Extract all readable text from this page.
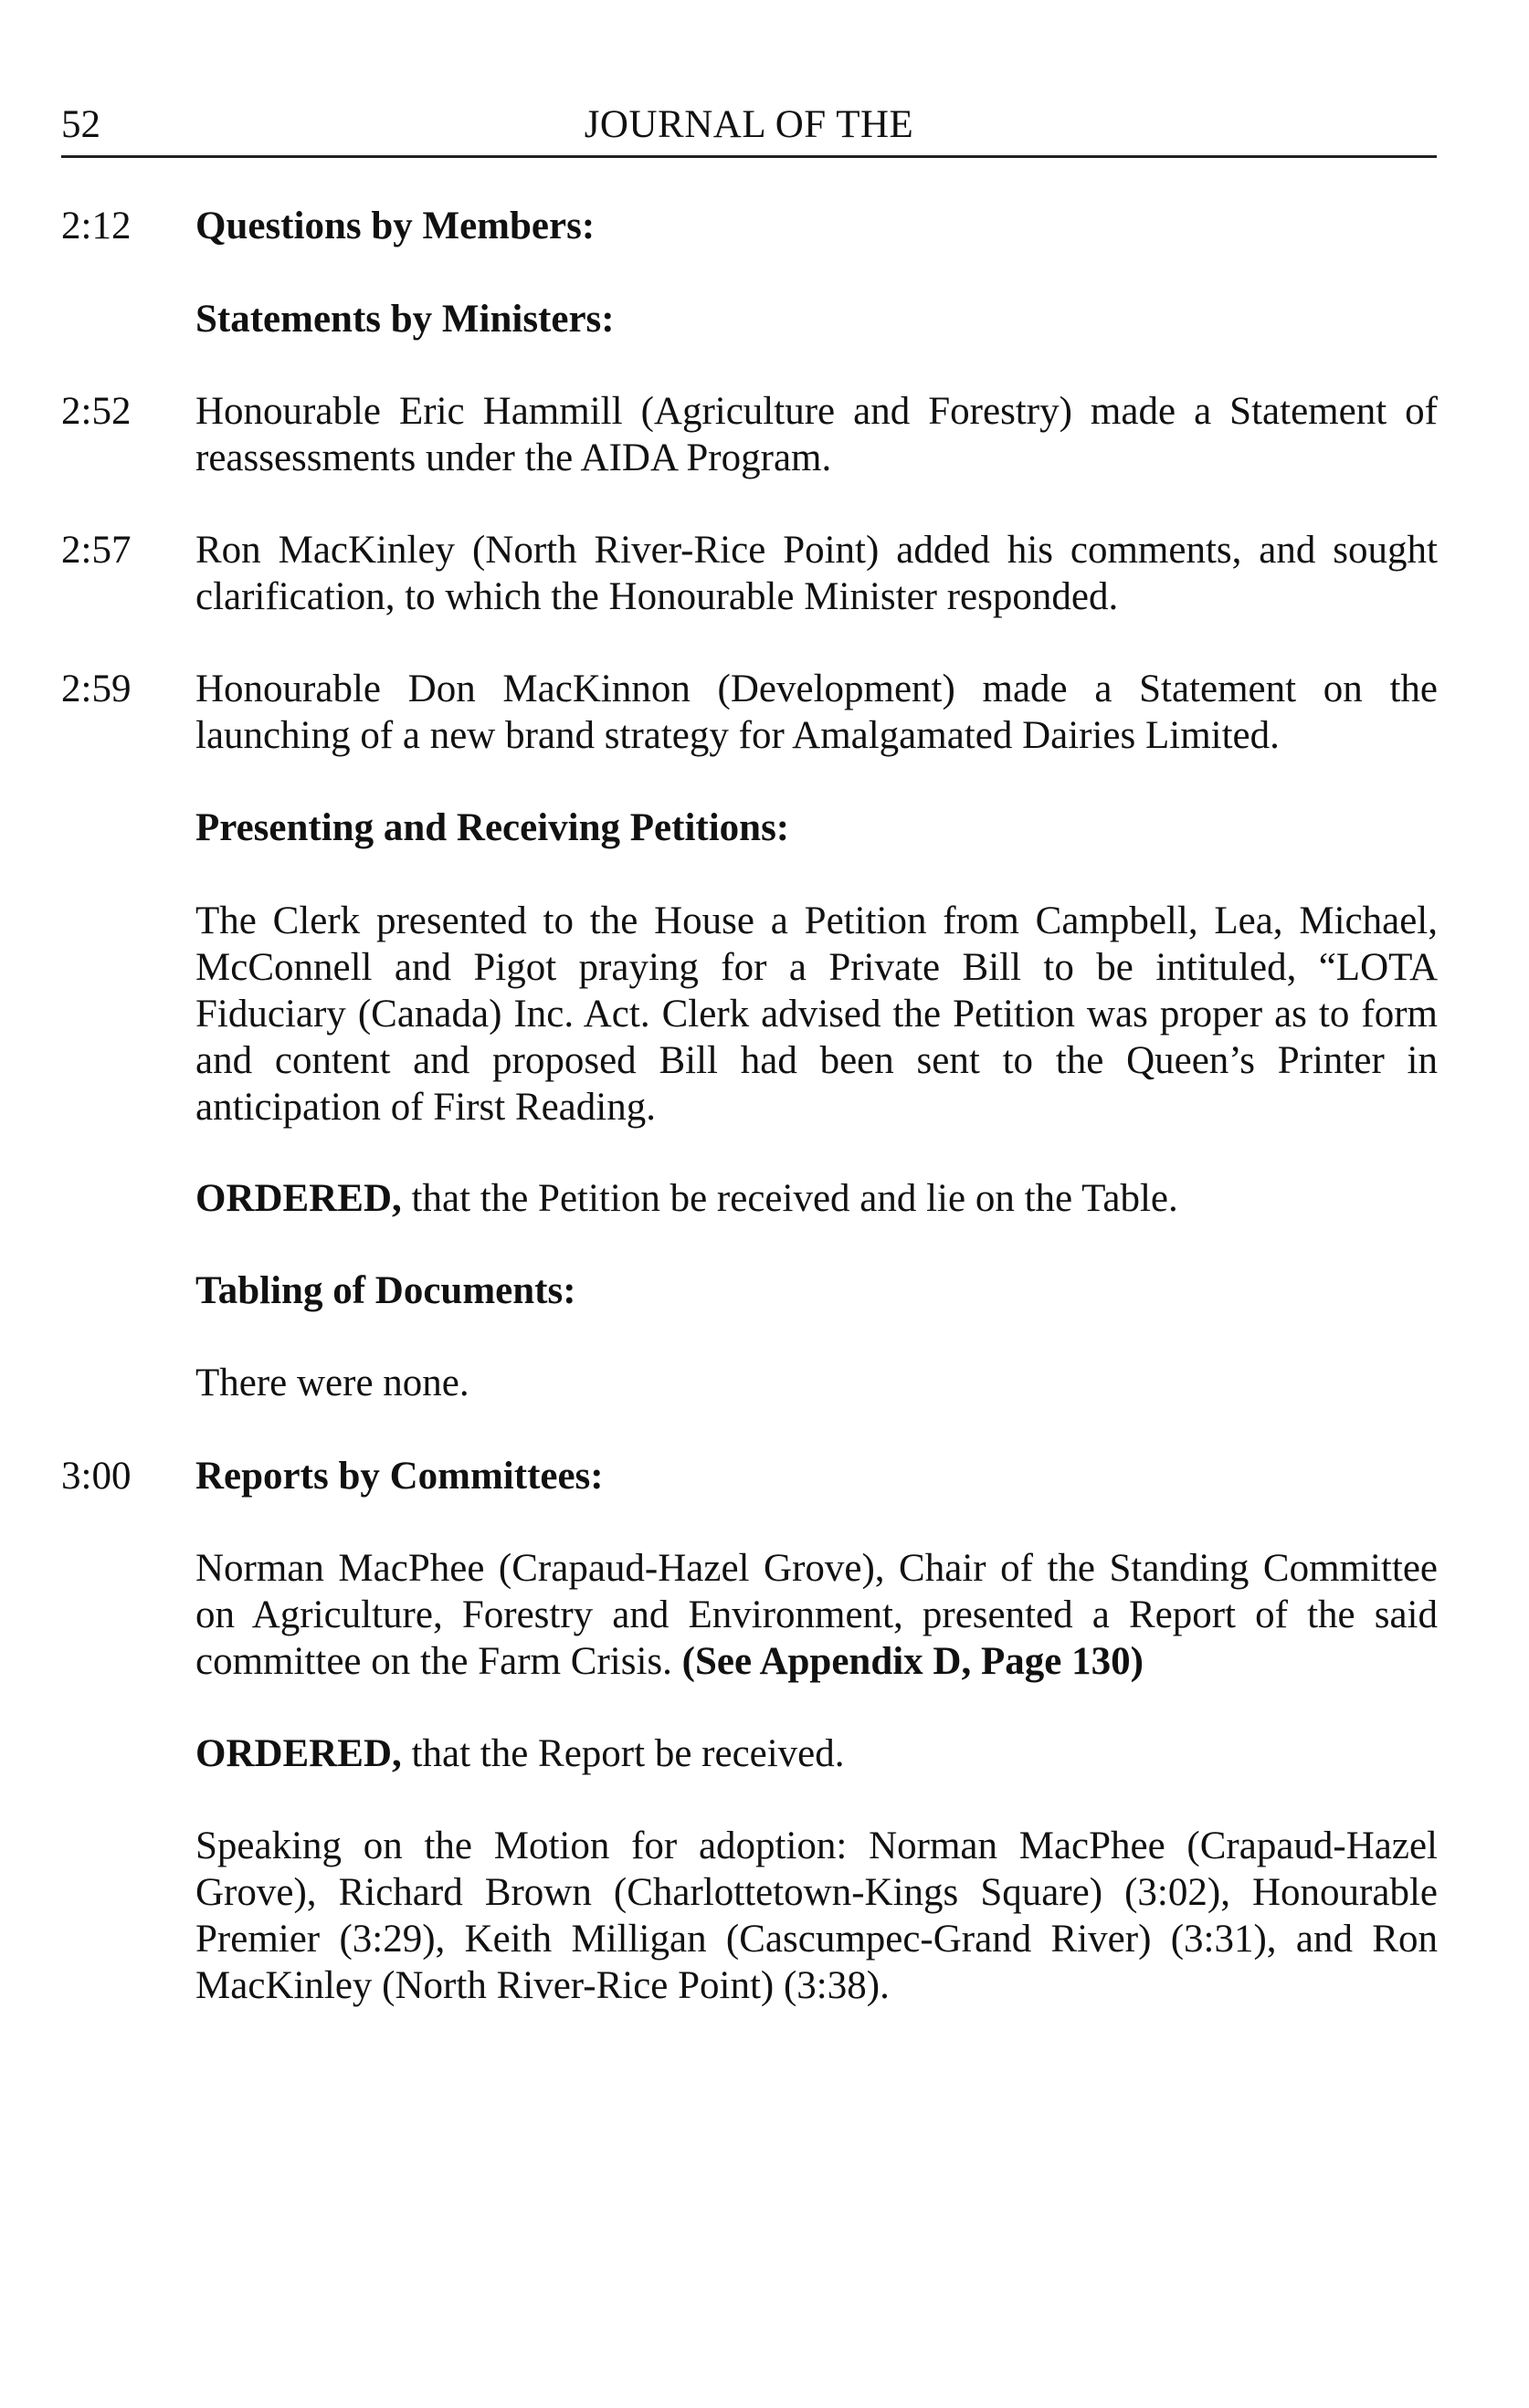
52	JOURNAL OF THE
2:12 Questions by Members:

Statements by Ministers:

2:52 Honourable Eric Hammill (Agriculture and Forestry) made a Statement of reassessments under the AIDA Program.

2:57 Ron MacKinley (North River-Rice Point) added his comments, and sought clarification, to which the Honourable Minister responded.

2:59 Honourable Don MacKinnon (Development) made a Statement on the launching of a new brand strategy for Amalgamated Dairies Limited.

Presenting and Receiving Petitions:

The Clerk presented to the House a Petition from Campbell, Lea, Michael, McConnell and Pigot praying for a Private Bill to be intituled, “LOTA Fiduciary (Canada) Inc. Act. Clerk advised the Petition was proper as to form and content and proposed Bill had been sent to the Queen’s Printer in anticipation of First Reading.

ORDERED, that the Petition be received and lie on the Table.

Tabling of Documents:

There were none.

3:00 Reports by Committees:

Norman MacPhee (Crapaud-Hazel Grove), Chair of the Standing Committee on Agriculture, Forestry and Environment, presented a Report of the said committee on the Farm Crisis. (See Appendix D, Page 130)

ORDERED, that the Report be received.

Speaking on the Motion for adoption: Norman MacPhee (Crapaud-Hazel Grove), Richard Brown (Charlottetown-Kings Square) (3:02), Honourable Premier (3:29), Keith Milligan (Cascumpec-Grand River) (3:31), and Ron MacKinley (North River-Rice Point) (3:38).
